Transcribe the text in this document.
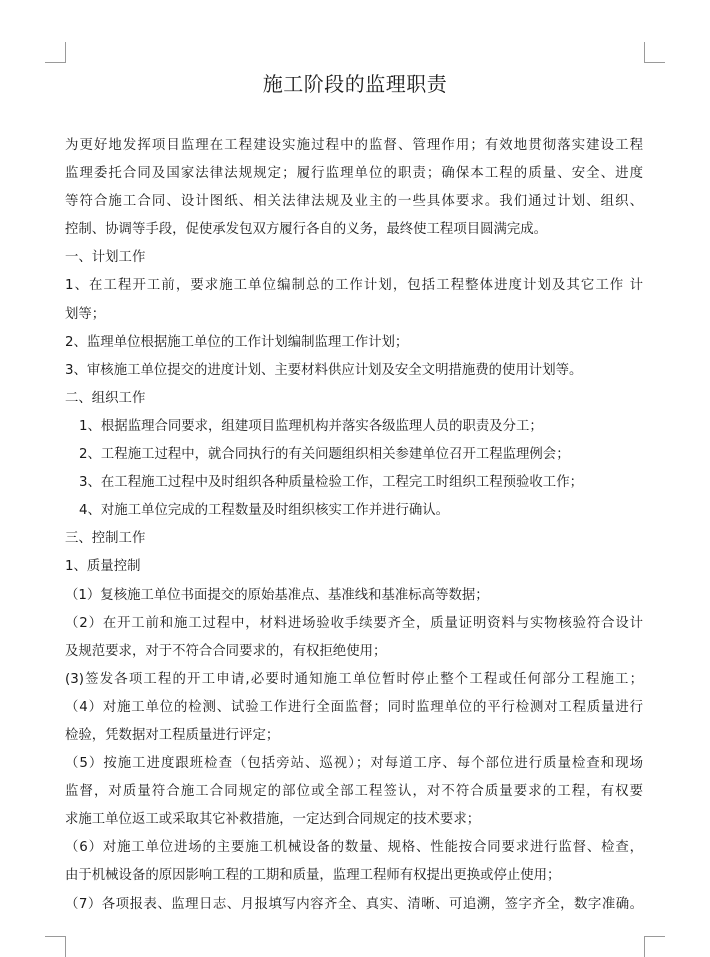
施工阶段的监理职责
为更好地发挥项目监理在工程建设实施过程中的监督、管理作用；有效地贯彻落实建设工程
监理委托合同及国家法律法规规定；履行监理单位的职责；确保本工程的质量、安全、进度
等符合施工合同、设计图纸、相关法律法规及业主的一些具体要求。我们通过计划、组织、
控制、协调等手段，促使承发包双方履行各自的义务，最终使工程项目圆满完成。
一、计划工作
1、在工程开工前，要求施工单位编制总的工作计划，包括工程整体进度计划及其它工作 计
划等；
2、监理单位根据施工单位的工作计划编制监理工作计划；
3、审核施工单位提交的进度计划、主要材料供应计划及安全文明措施费的使用计划等。
二、组织工作
1、根据监理合同要求，组建项目监理机构并落实各级监理人员的职责及分工；
2、工程施工过程中，就合同执行的有关问题组织相关参建单位召开工程监理例会；
3、在工程施工过程中及时组织各种质量检验工作，工程完工时组织工程预验收工作；
4、对施工单位完成的工程数量及时组织核实工作并进行确认。
三、控制工作
1、质量控制
（1）复核施工单位书面提交的原始基准点、基准线和基准标高等数据；
（2）在开工前和施工过程中，材料进场验收手续要齐全，质量证明资料与实物核验符合设计
及规范要求，对于不符合合同要求的，有权拒绝使用；
(3)签发各项工程的开工申请,必要时通知施工单位暂时停止整个工程或任何部分工程施工；
（4）对施工单位的检测、试验工作进行全面监督；同时监理单位的平行检测对工程质量进行
检验，凭数据对工程质量进行评定；
（5）按施工进度跟班检查（包括旁站、巡视）；对每道工序、每个部位进行质量检查和现场
监督，对质量符合施工合同规定的部位或全部工程签认，对不符合质量要求的工程，有权要
求施工单位返工或采取其它补救措施，一定达到合同规定的技术要求；
（6）对施工单位进场的主要施工机械设备的数量、规格、性能按合同要求进行监督、检查，
由于机械设备的原因影响工程的工期和质量，监理工程师有权提出更换或停止使用；
（7）各项报表、监理日志、月报填写内容齐全、真实、清晰、可追溯，签字齐全，数字准确。
